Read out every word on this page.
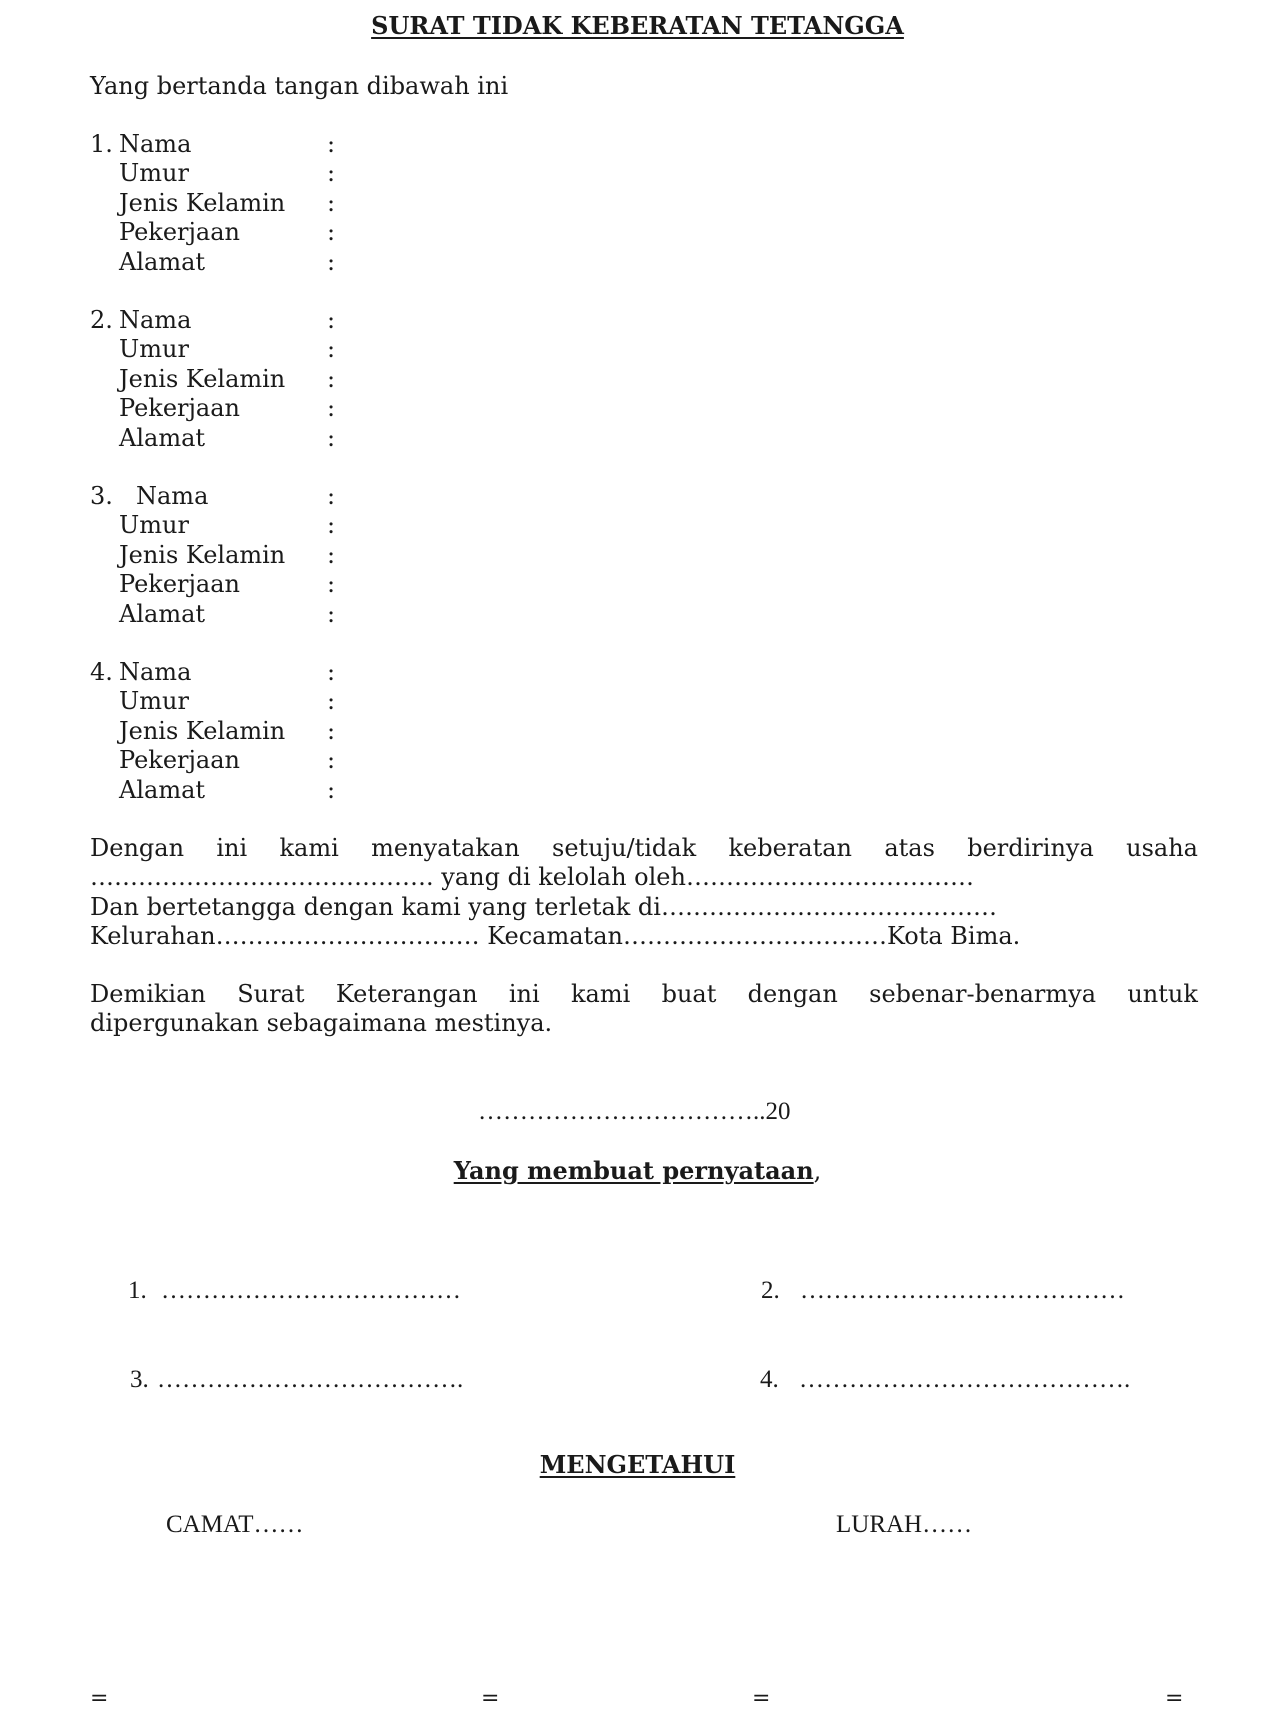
SURAT TIDAK KEBERATAN TETANGGA
Yang bertanda tangan dibawah ini
1. Nama	:
Umur	:
Jenis Kelamin :
Pekerjaan	:
Alamat	:
2. Nama	:
Umur	:
Jenis Kelamin :
Pekerjaan	:
Alamat	:
3. Nama	:
Umur	:
Jenis Kelamin :
Pekerjaan	:
Alamat	:
4. Nama	:
Umur	:
Jenis Kelamin :
Pekerjaan	:
Alamat	:
Dengan ini kami menyatakan setuju/tidak keberatan atas berdirinya usaha
……………………………………. yang di kelolah oleh………………………………
Dan bertetangga dengan kami yang terletak di……………………………………
Kelurahan…………………………… Kecamatan……………………………Kota Bima.
Demikian Surat Keterangan ini kami buat dengan sebenar-benarmya untuk
dipergunakan sebagaimana mestinya.
……………………………..20
Yang membuat pernyataan,
1. ………………………………	2. …………………………………
3. ……………………………….	4. ………………………………….
MENGETAHUI
CAMAT……	LURAH……
=	=	=	=
